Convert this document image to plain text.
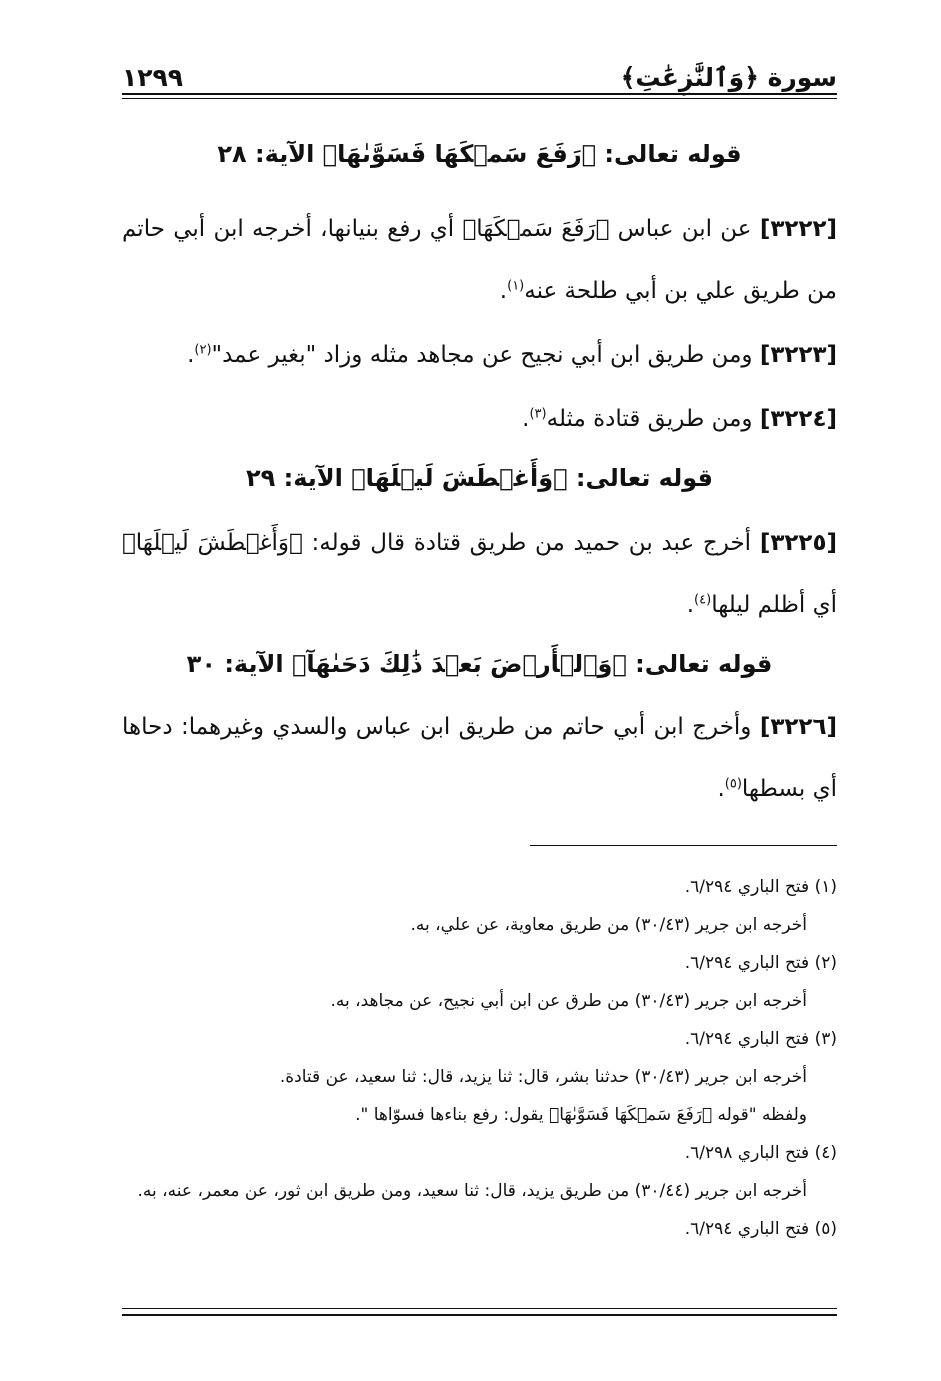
سورة ﴿وَٱلنَّٰزِعَٰتِ﴾
١٢٩٩
قوله تعالى: ﴿رَفَعَ سَمۡكَهَا فَسَوَّىٰهَا﴾ الآية: ٢٨

[٣٢٢٢] عن ابن عباس ﴿رَفَعَ سَمۡكَهَا﴾ أي رفع بنيانها، أخرجه ابن أبي حاتم من طريق علي بن أبي طلحة عنه$^{(١)}$.

[٣٢٢٣] ومن طريق ابن أبي نجيح عن مجاهد مثله وزاد "بغير عمد"$^{(٢)}$.

[٣٢٢٤] ومن طريق قتادة مثله$^{(٣)}$.

قوله تعالى: ﴿وَأَغۡطَشَ لَيۡلَهَا﴾ الآية: ٢٩

[٣٢٢٥] أخرج عبد بن حميد من طريق قتادة قال قوله: ﴿وَأَغۡطَشَ لَيۡلَهَا﴾ أي أظلم ليلها$^{(٤)}$.

قوله تعالى: ﴿وَٱلۡأَرۡضَ بَعۡدَ ذَٰلِكَ دَحَىٰهَآ﴾ الآية: ٣٠

[٣٢٢٦] وأخرج ابن أبي حاتم من طريق ابن عباس والسدي وغيرهما: دحاها أي بسطها$^{(٥)}$.

(١) فتح الباري ٦/٢٩٤.

أخرجه ابن جرير (٣٠/٤٣) من طريق معاوية، عن علي، به.

(٢) فتح الباري ٦/٢٩٤.

أخرجه ابن جرير (٣٠/٤٣) من طرق عن ابن أبي نجيح، عن مجاهد، به.

(٣) فتح الباري ٦/٢٩٤.

أخرجه ابن جرير (٣٠/٤٣) حدثنا بشر، قال: ثنا يزيد، قال: ثنا سعيد، عن قتادة.

ولفظه "قوله ﴿رَفَعَ سَمۡكَهَا فَسَوَّىٰهَا﴾ يقول: رفع بناءها فسوّاها ".

(٤) فتح الباري ٦/٢٩٨.

أخرجه ابن جرير (٣٠/٤٤) من طريق يزيد، قال: ثنا سعيد، ومن طريق ابن ثور، عن معمر، عنه، به.

(٥) فتح الباري ٦/٢٩٤.
